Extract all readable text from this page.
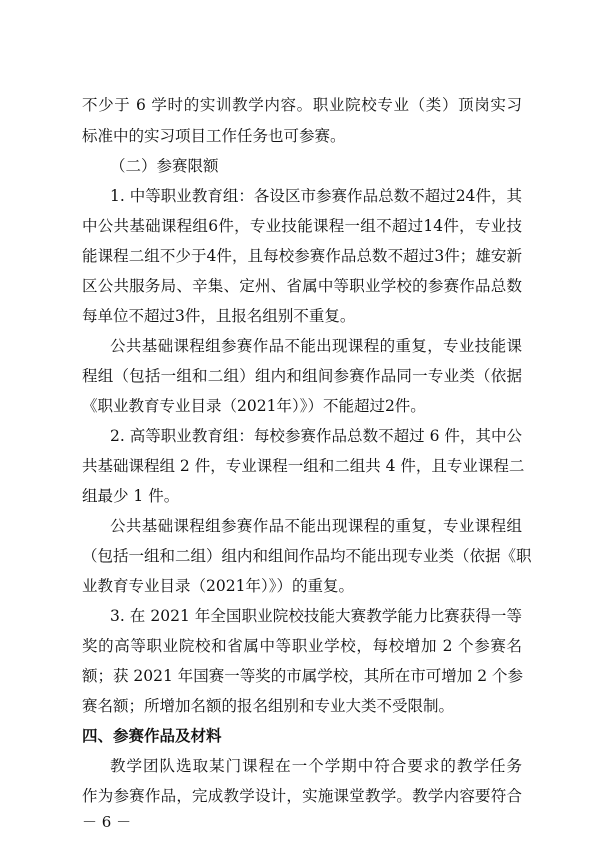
不少于 6 学时的实训教学内容。职业院校专业（类）顶岗实习
标准中的实习项目工作任务也可参赛。
（二）参赛限额
1. 中等职业教育组：各设区市参赛作品总数不超过24件，其
中公共基础课程组6件，专业技能课程一组不超过14件，专业技
能课程二组不少于4件，且每校参赛作品总数不超过3件；雄安新
区公共服务局、辛集、定州、省属中等职业学校的参赛作品总数
每单位不超过3件，且报名组别不重复。
公共基础课程组参赛作品不能出现课程的重复，专业技能课
程组（包括一组和二组）组内和组间参赛作品同一专业类（依据
《职业教育专业目录（2021年）》）不能超过2件。
2. 高等职业教育组：每校参赛作品总数不超过 6 件，其中公
共基础课程组 2 件，专业课程一组和二组共 4 件，且专业课程二
组最少 1 件。
公共基础课程组参赛作品不能出现课程的重复，专业课程组
（包括一组和二组）组内和组间作品均不能出现专业类（依据《职
业教育专业目录（2021年）》）的重复。
3. 在 2021 年全国职业院校技能大赛教学能力比赛获得一等
奖的高等职业院校和省属中等职业学校，每校增加 2 个参赛名
额；获 2021 年国赛一等奖的市属学校，其所在市可增加 2 个参
赛名额；所增加名额的报名组别和专业大类不受限制。
四、参赛作品及材料
教学团队选取某门课程在一个学期中符合要求的教学任务
作为参赛作品，完成教学设计，实施课堂教学。教学内容要符合
－ 6 －
